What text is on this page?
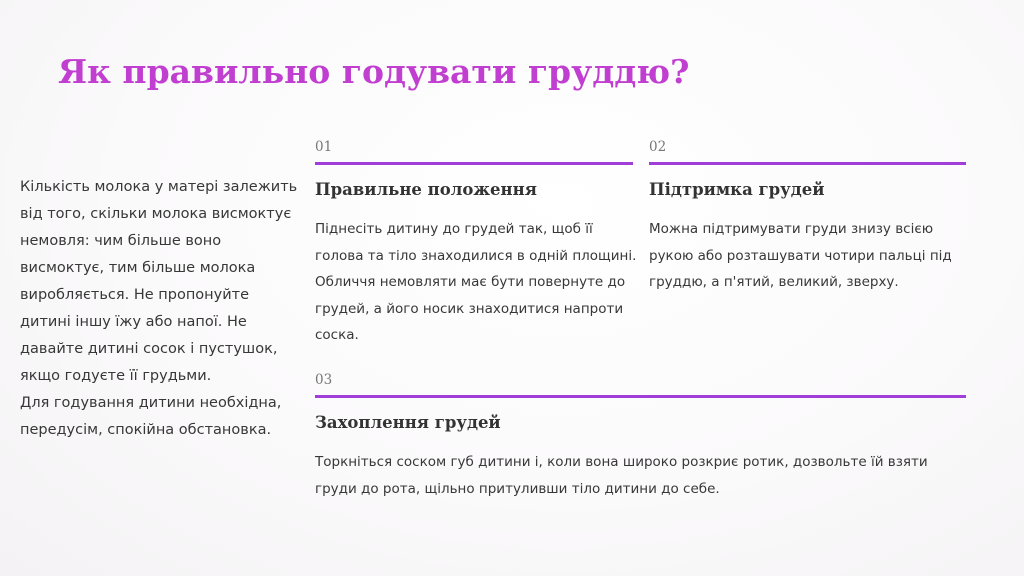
Як правильно годувати груддю?

Кількість молока у матері залежить від того, скільки молока висмоктує немовля: чим більше воно висмоктує, тим більше молока виробляється. Не пропонуйте дитині іншу їжу або напої. Не давайте дитині сосок і пустушок, якщо годуєте її грудьми.

Для годування дитини необхідна, передусім, спокійна обстановка.

01
Правильне положення
Піднесіть дитину до грудей так, щоб її голова та тіло знаходилися в одній площині. Обличчя немовляти має бути повернуте до грудей, а його носик знаходитися напроти соска.
02
Підтримка грудей
Можна підтримувати груди знизу всією рукою або розташувати чотири пальці під груддю, а п'ятий, великий, зверху.
03
Захоплення грудей
Торкніться соском губ дитини і, коли вона широко розкриє ротик, дозвольте їй взяти груди до рота, щільно притуливши тіло дитини до себе.
